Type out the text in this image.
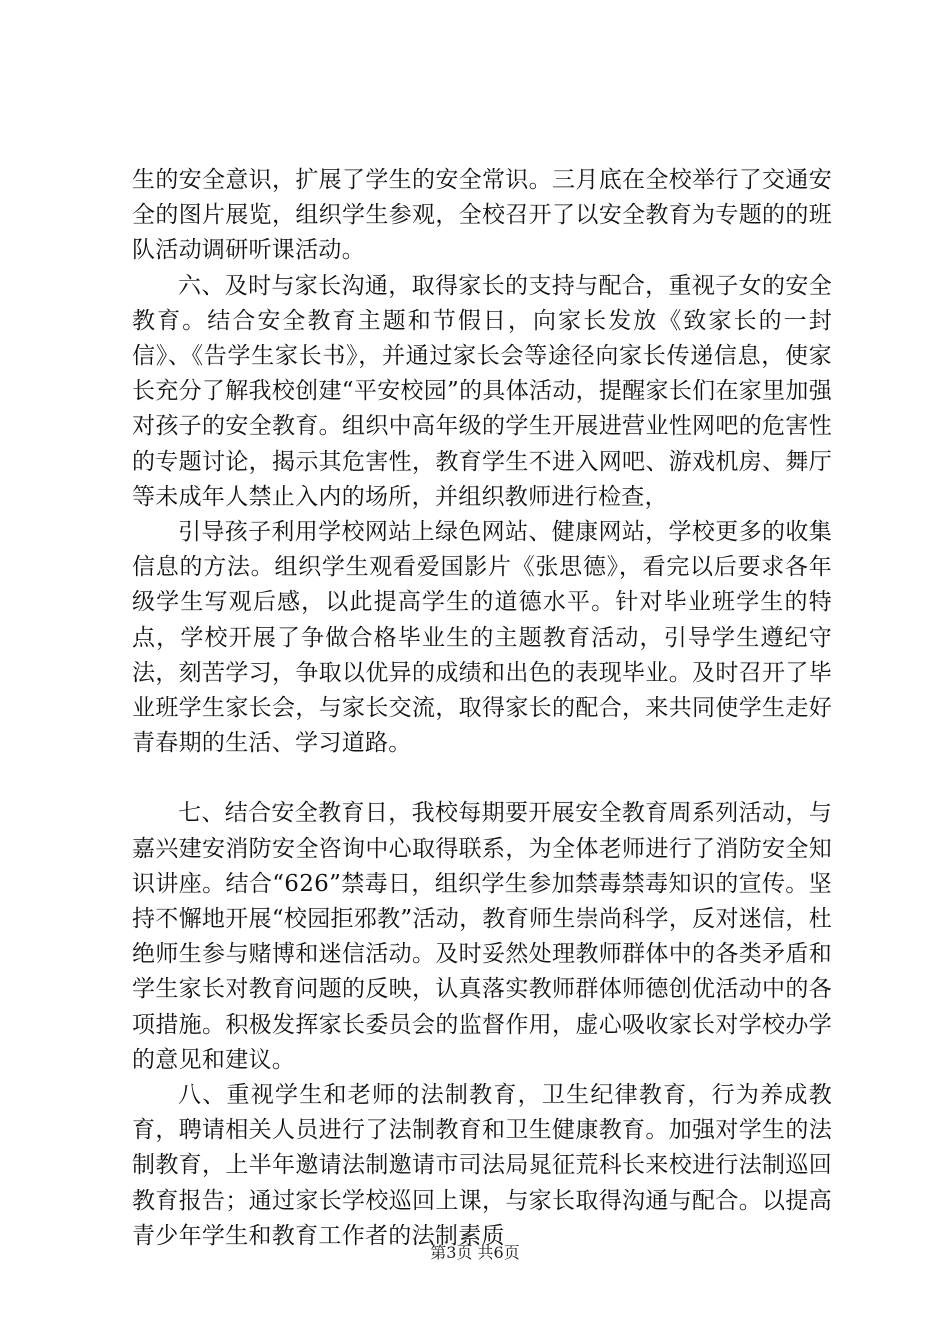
生的安全意识，扩展了学生的安全常识。三月底在全校举行了交通安全的图片展览，组织学生参观，全校召开了以安全教育为专题的的班队活动调研听课活动。

六、及时与家长沟通，取得家长的支持与配合，重视子女的安全教育。结合安全教育主题和节假日，向家长发放《致家长的一封信》、《告学生家长书》，并通过家长会等途径向家长传递信息，使家长充分了解我校创建“平安校园”的具体活动，提醒家长们在家里加强对孩子的安全教育。组织中高年级的学生开展进营业性网吧的危害性的专题讨论，揭示其危害性，教育学生不进入网吧、游戏机房、舞厅等未成年人禁止入内的场所，并组织教师进行检查，

引导孩子利用学校网站上绿色网站、健康网站，学校更多的收集信息的方法。组织学生观看爱国影片《张思德》，看完以后要求各年级学生写观后感，以此提高学生的道德水平。针对毕业班学生的特点，学校开展了争做合格毕业生的主题教育活动，引导学生遵纪守法，刻苦学习，争取以优异的成绩和出色的表现毕业。及时召开了毕业班学生家长会，与家长交流，取得家长的配合，来共同使学生走好青春期的生活、学习道路。

七、结合安全教育日，我校每期要开展安全教育周系列活动，与嘉兴建安消防安全咨询中心取得联系，为全体老师进行了消防安全知识讲座。结合“626”禁毒日，组织学生参加禁毒禁毒知识的宣传。坚持不懈地开展“校园拒邪教”活动，教育师生崇尚科学，反对迷信，杜绝师生参与赌博和迷信活动。及时妥然处理教师群体中的各类矛盾和学生家长对教育问题的反映，认真落实教师群体师德创优活动中的各项措施。积极发挥家长委员会的监督作用，虚心吸收家长对学校办学的意见和建议。

八、重视学生和老师的法制教育，卫生纪律教育，行为养成教育，聘请相关人员进行了法制教育和卫生健康教育。加强对学生的法制教育，上半年邀请法制邀请市司法局晁征荒科长来校进行法制巡回教育报告；通过家长学校巡回上课，与家长取得沟通与配合。以提高青少年学生和教育工作者的法制素质

第3页 共6页
